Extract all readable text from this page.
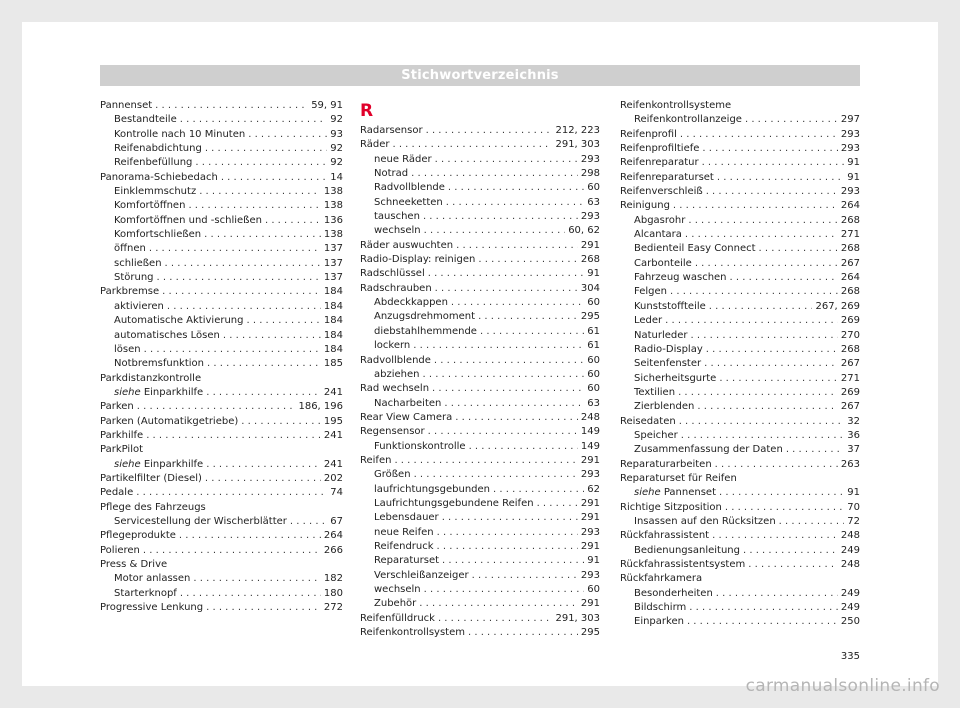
Stichwortverzeichnis
Pannenset . . .	59, 91
Bestandteile . . .	92
Kontrolle nach 10 Minuten . . .	93
Reifenabdichtung . . .	92
Reifenbefüllung . . .	92
Panorama-Schiebedach . . .	14
Einklemmschutz . . .	138
Komfortöffnen . . .	138
Komfortöffnen und -schließen . . .	136
Komfortschließen . . .	138
öffnen . . .	137
schließen . . .	137
Störung . . .	137
Parkbremse . . .	184
aktivieren . . .	184
Automatische Aktivierung . . .	184
automatisches Lösen . . .	184
lösen . . .	184
Notbremsfunktion . . .	185
Parkdistanzkontrolle
siehe Einparkhilfe . . .	241
Parken . . .	186, 196
Parken (Automatikgetriebe) . . .	195
Parkhilfe . . .	241
ParkPilot
siehe Einparkhilfe . . .	241
Partikelfilter (Diesel) . . .	202
Pedale . . .	74
Pflege des Fahrzeugs
Servicestellung der Wischerblätter . . .	67
Pflegeprodukte . . .	264
Polieren . . .	266
Press & Drive
Motor anlassen . . .	182
Starterknopf . . .	180
Progressive Lenkung . . .	272
R
Radarsensor . . .	212, 223
Räder . . .	291, 303
neue Räder . . .	293
Notrad . . .	298
Radvollblende . . .	60
Schneeketten . . .	63
tauschen . . .	293
wechseln . . .	60, 62
Räder auswuchten . . .	291
Radio-Display: reinigen . . .	268
Radschlüssel . . .	91
Radschrauben . . .	304
Abdeckkappen . . .	60
Anzugsdrehmoment . . .	295
diebstahlhemmende . . .	61
lockern . . .	61
Radvollblende . . .	60
abziehen . . .	60
Rad wechseln . . .	60
Nacharbeiten . . .	63
Rear View Camera . . .	248
Regensensor . . .	149
Funktionskontrolle . . .	149
Reifen . . .	291
Größen . . .	293
laufrichtungsgebunden . . .	62
Laufrichtungsgebundene Reifen . . .	291
Lebensdauer . . .	291
neue Reifen . . .	293
Reifendruck . . .	291
Reparaturset . . .	91
Verschleißanzeiger . . .	293
wechseln . . .	60
Zubehör . . .	291
Reifenfülldruck . . .	291, 303
Reifenkontrollsystem . . .	295
Reifenkontrollsysteme
Reifenkontrollanzeige . . .	297
Reifenprofil . . .	293
Reifenprofiltiefe . . .	293
Reifenreparatur . . .	91
Reifenreparaturset . . .	91
Reifenverschleiß . . .	293
Reinigung . . .	264
Abgasrohr . . .	268
Alcantara . . .	271
Bedienteil Easy Connect . . .	268
Carbonteile . . .	267
Fahrzeug waschen . . .	264
Felgen . . .	268
Kunststoffteile . . .	267, 269
Leder . . .	269
Naturleder . . .	270
Radio-Display . . .	268
Seitenfenster . . .	267
Sicherheitsgurte . . .	271
Textilien . . .	269
Zierblenden . . .	267
Reisedaten . . .	32
Speicher . . .	36
Zusammenfassung der Daten . . .	37
Reparaturarbeiten . . .	263
Reparaturset für Reifen
siehe Pannenset . . .	91
Richtige Sitzposition . . .	70
Insassen auf den Rücksitzen . . .	72
Rückfahrassistent . . .	248
Bedienungsanleitung . . .	249
Rückfahrassistentsystem . . .	248
Rückfahrkamera
Besonderheiten . . .	249
Bildschirm . . .	249
Einparken . . .	250
335
carmanualsonline.info
